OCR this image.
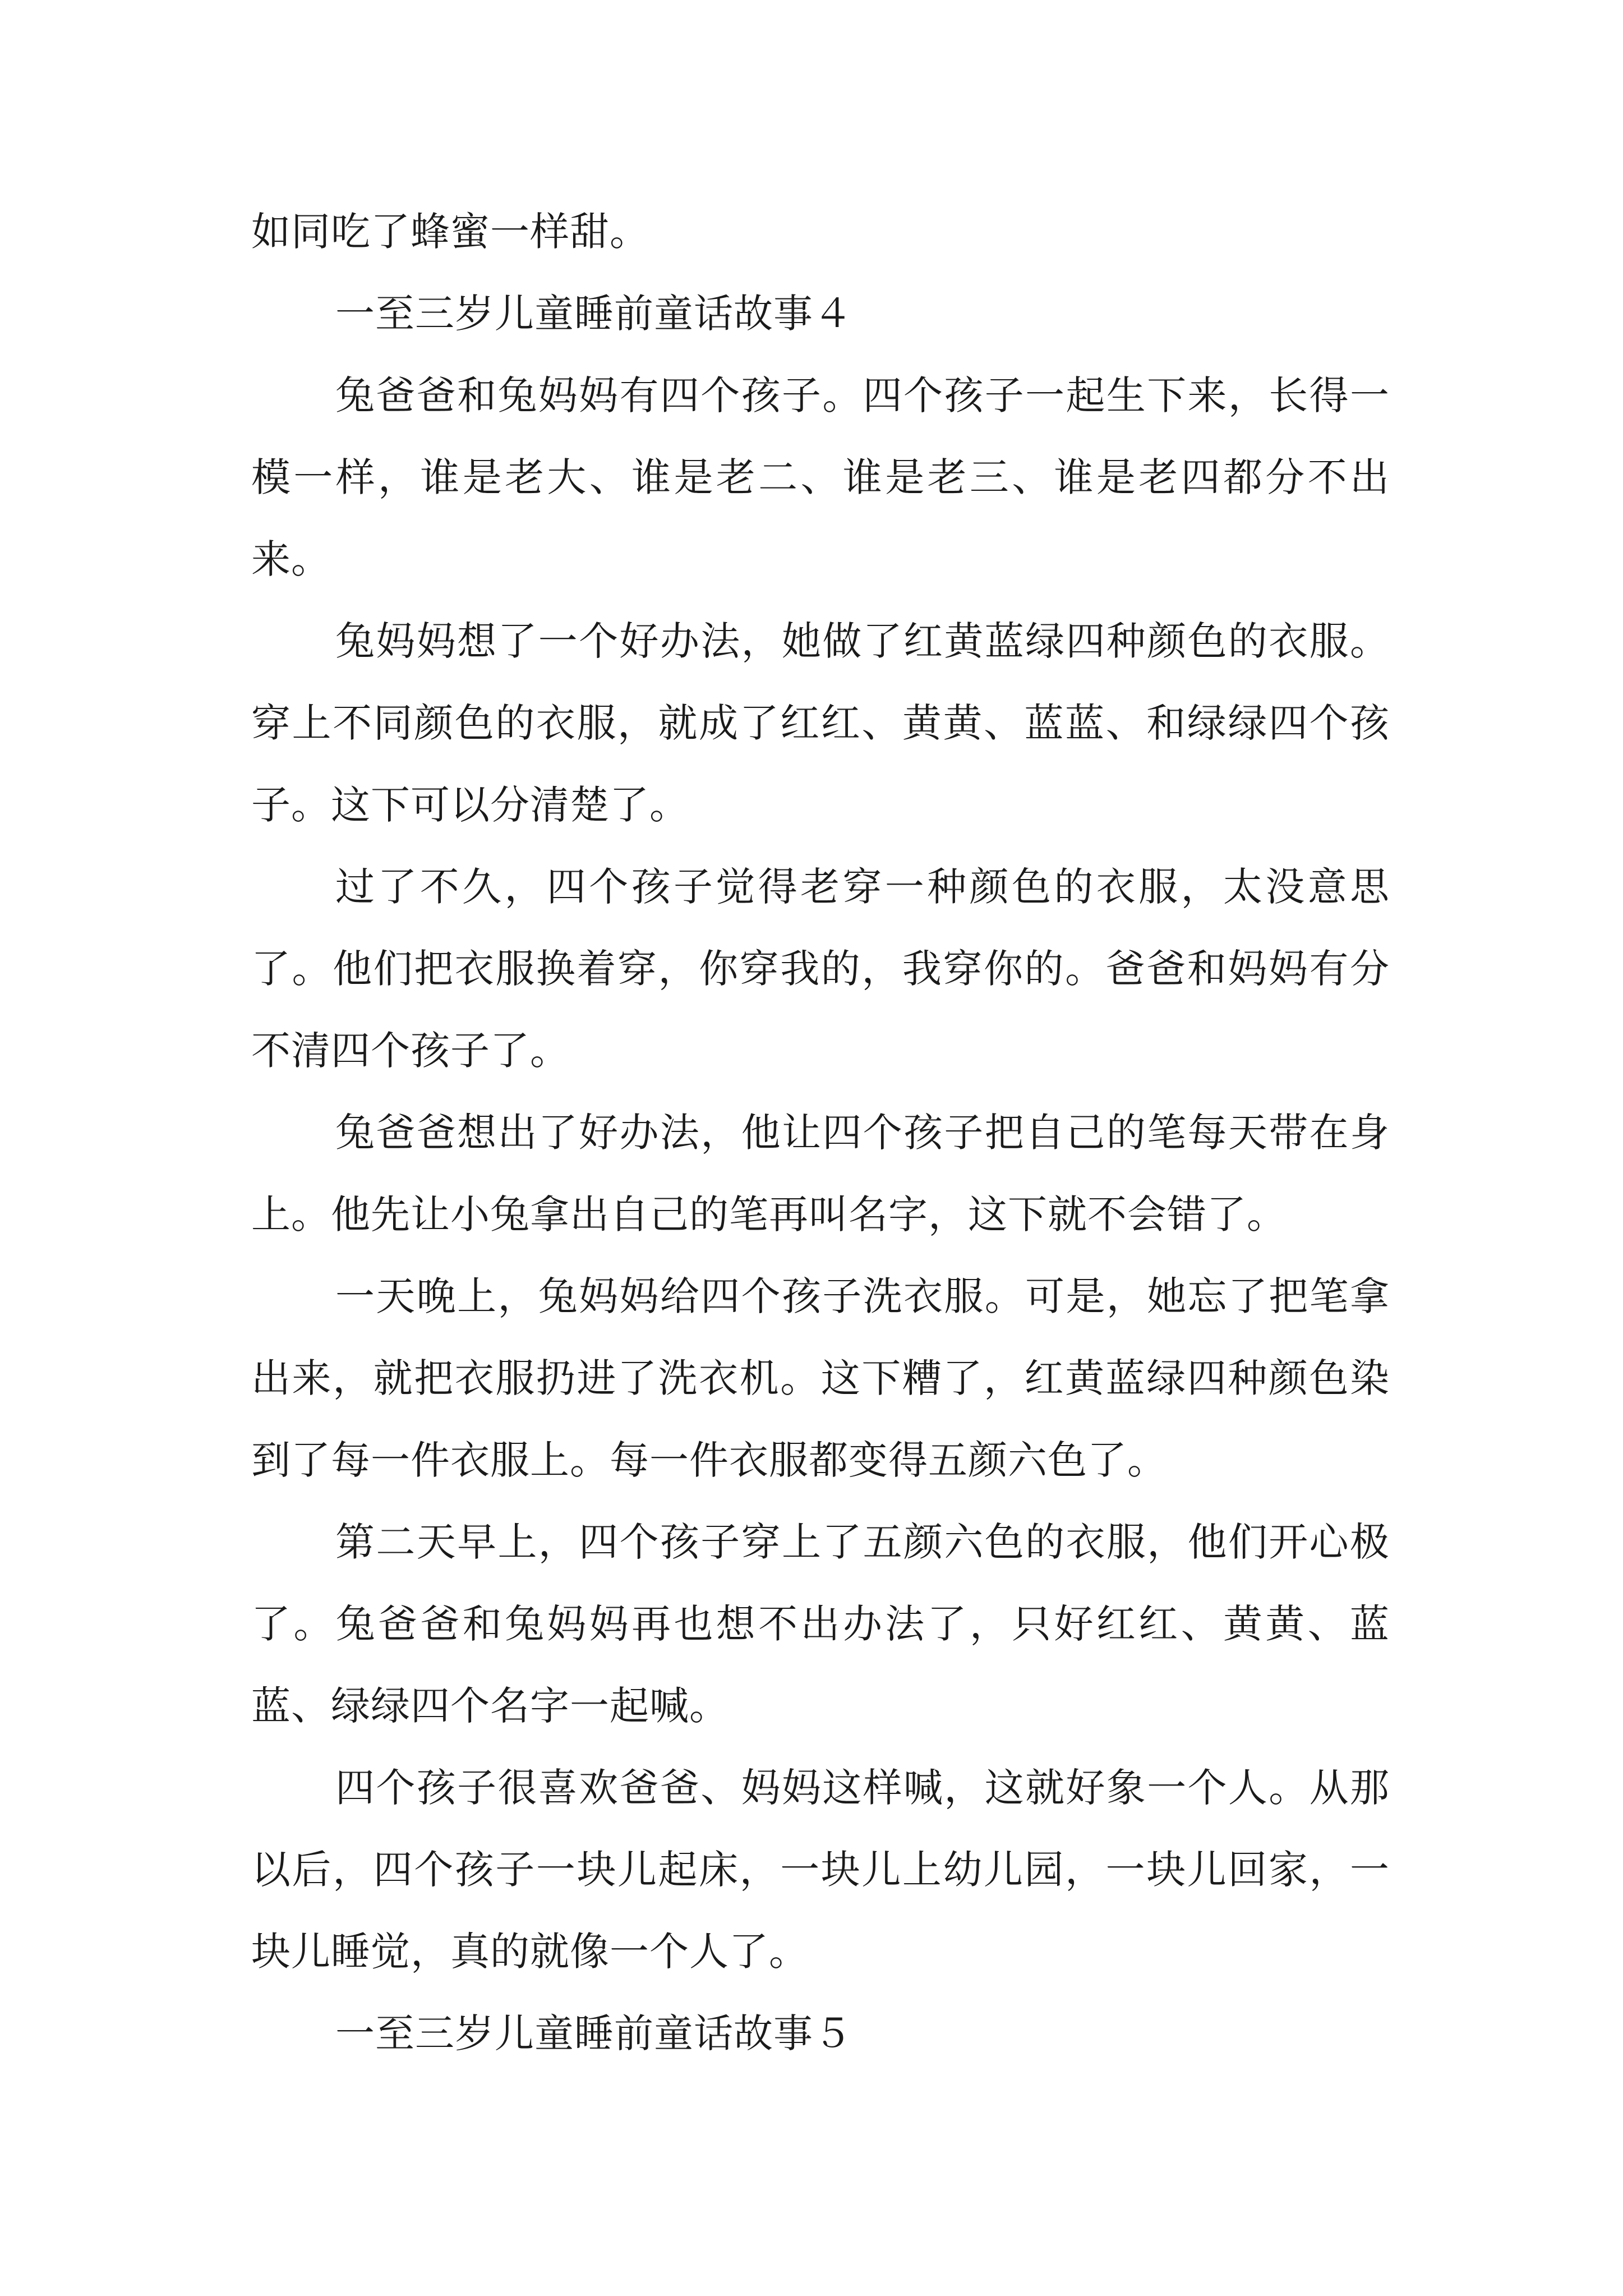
如同吃了蜂蜜一样甜。

一至三岁儿童睡前童话故事４

兔爸爸和兔妈妈有四个孩子。四个孩子一起生下来，长得一模一样，谁是老大、谁是老二、谁是老三、谁是老四都分不出来。

兔妈妈想了一个好办法，她做了红黄蓝绿四种颜色的衣服。穿上不同颜色的衣服，就成了红红、黄黄、蓝蓝、和绿绿四个孩子。这下可以分清楚了。

过了不久，四个孩子觉得老穿一种颜色的衣服，太没意思了。他们把衣服换着穿，你穿我的，我穿你的。爸爸和妈妈有分不清四个孩子了。

兔爸爸想出了好办法，他让四个孩子把自己的笔每天带在身上。他先让小兔拿出自己的笔再叫名字，这下就不会错了。

一天晚上，兔妈妈给四个孩子洗衣服。可是，她忘了把笔拿出来，就把衣服扔进了洗衣机。这下糟了，红黄蓝绿四种颜色染到了每一件衣服上。每一件衣服都变得五颜六色了。

第二天早上，四个孩子穿上了五颜六色的衣服，他们开心极了。兔爸爸和兔妈妈再也想不出办法了，只好红红、黄黄、蓝蓝、绿绿四个名字一起喊。

四个孩子很喜欢爸爸、妈妈这样喊，这就好象一个人。从那以后，四个孩子一块儿起床，一块儿上幼儿园，一块儿回家，一块儿睡觉，真的就像一个人了。

一至三岁儿童睡前童话故事５
